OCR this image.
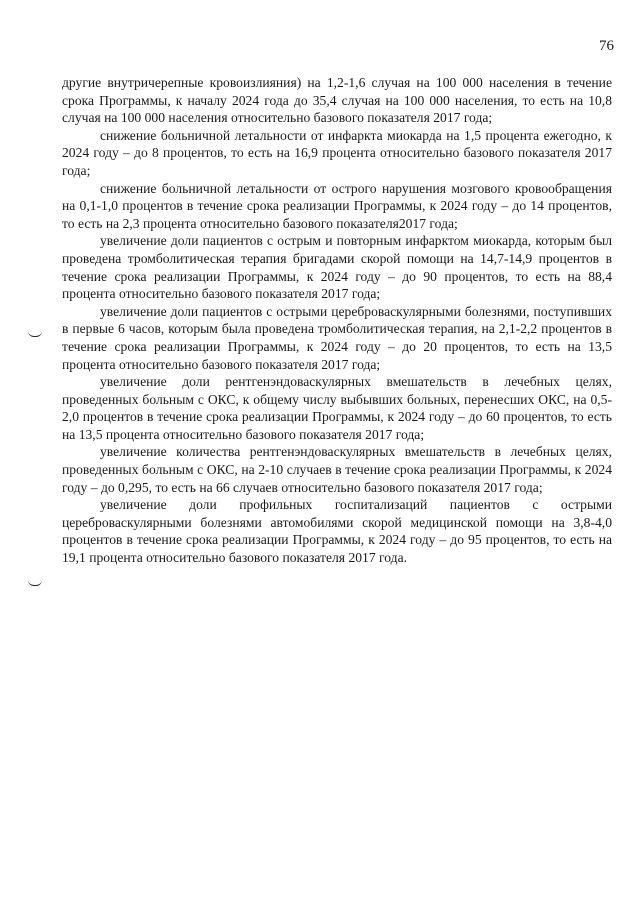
76

другие внутричерепные кровоизлияния) на 1,2-1,6 случая на 100 000 населения в течение срока Программы, к началу 2024 года до 35,4 случая на 100 000 населения, то есть на 10,8 случая на 100 000 населения относительно базового показателя 2017 года;

снижение больничной летальности от инфаркта миокарда на 1,5 процента ежегодно, к 2024 году – до 8 процентов, то есть на 16,9 процента относительно базового показателя 2017 года;

снижение больничной летальности от острого нарушения мозгового кровообращения на 0,1-1,0 процентов в течение срока реализации Программы, к 2024 году – до 14 процентов, то есть на 2,3 процента относительно базового показателя2017 года;

увеличение доли пациентов с острым и повторным инфарктом миокарда, которым был проведена тромболитическая терапия бригадами скорой помощи на 14,7-14,9 процентов в течение срока реализации Программы, к 2024 году – до 90 процентов, то есть на 88,4 процента относительно базового показателя 2017 года;

увеличение доли пациентов с острыми цереброваскулярными болезнями, поступивших в первые 6 часов, которым была проведена тромболитическая терапия, на 2,1-2,2 процентов в течение срока реализации Программы, к 2024 году – до 20 процентов, то есть на 13,5 процента относительно базового показателя 2017 года;

увеличение доли рентгенэндоваскулярных вмешательств в лечебных целях, проведенных больным с ОКС, к общему числу выбывших больных, перенесших ОКС, на 0,5-2,0 процентов в течение срока реализации Программы, к 2024 году – до 60 процентов, то есть на 13,5 процента относительно базового показателя 2017 года;

увеличение количества рентгенэндоваскулярных вмешательств в лечебных целях, проведенных больным с ОКС, на 2-10 случаев в течение срока реализации Программы, к 2024 году – до 0,295, то есть на 66 случаев относительно базового показателя 2017 года;

увеличение доли профильных госпитализаций пациентов с острыми цереброваскулярными болезнями автомобилями скорой медицинской помощи на 3,8-4,0 процентов в течение срока реализации Программы, к 2024 году – до 95 процентов, то есть на 19,1 процента относительно базового показателя 2017 года.
